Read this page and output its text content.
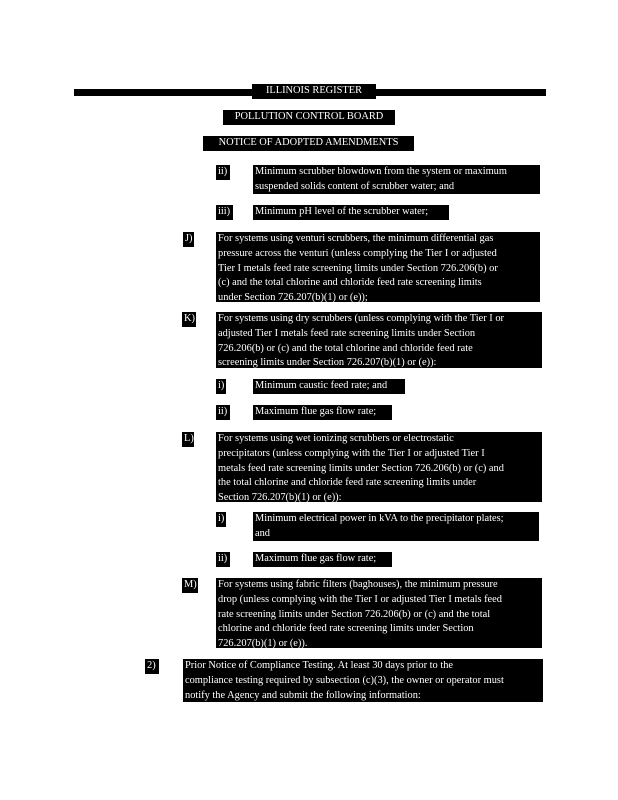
ILLINOIS REGISTER
POLLUTION CONTROL BOARD
NOTICE OF ADOPTED AMENDMENTS
ii)	Minimum scrubber blowdown from the system or maximum
suspended solids content of scrubber water; and
iii) Minimum pH level of the scrubber water;
J) For systems using venturi scrubbers, the minimum differential gas
pressure across the venturi (unless complying the Tier I or adjusted
Tier I metals feed rate screening limits under Section 726.206(b) or
(c) and the total chlorine and chloride feed rate screening limits
under Section 726.207(b)(1) or (e));
K) For systems using dry scrubbers (unless complying with the Tier I or
adjusted Tier I metals feed rate screening limits under Section
726.206(b) or (c) and the total chlorine and chloride feed rate
screening limits under Section 726.207(b)(1) or (e)):
i)	Minimum caustic feed rate; and
ii)	Maximum flue gas flow rate;
L) For systems using wet ionizing scrubbers or electrostatic
precipitators (unless complying with the Tier I or adjusted Tier I
metals feed rate screening limits under Section 726.206(b) or (c) and
the total chlorine and chloride feed rate screening limits under
Section 726.207(b)(1) or (e)):
i)	Minimum electrical power in kVA to the precipitator plates;
and
ii)	Maximum flue gas flow rate;
M) For systems using fabric filters (baghouses), the minimum pressure
drop (unless complying with the Tier I or adjusted Tier I metals feed
rate screening limits under Section 726.206(b) or (c) and the total
chlorine and chloride feed rate screening limits under Section
726.207(b)(1) or (e)).
2)	Prior Notice of Compliance Testing. At least 30 days prior to the
compliance testing required by subsection (c)(3), the owner or operator must
notify the Agency and submit the following information:
